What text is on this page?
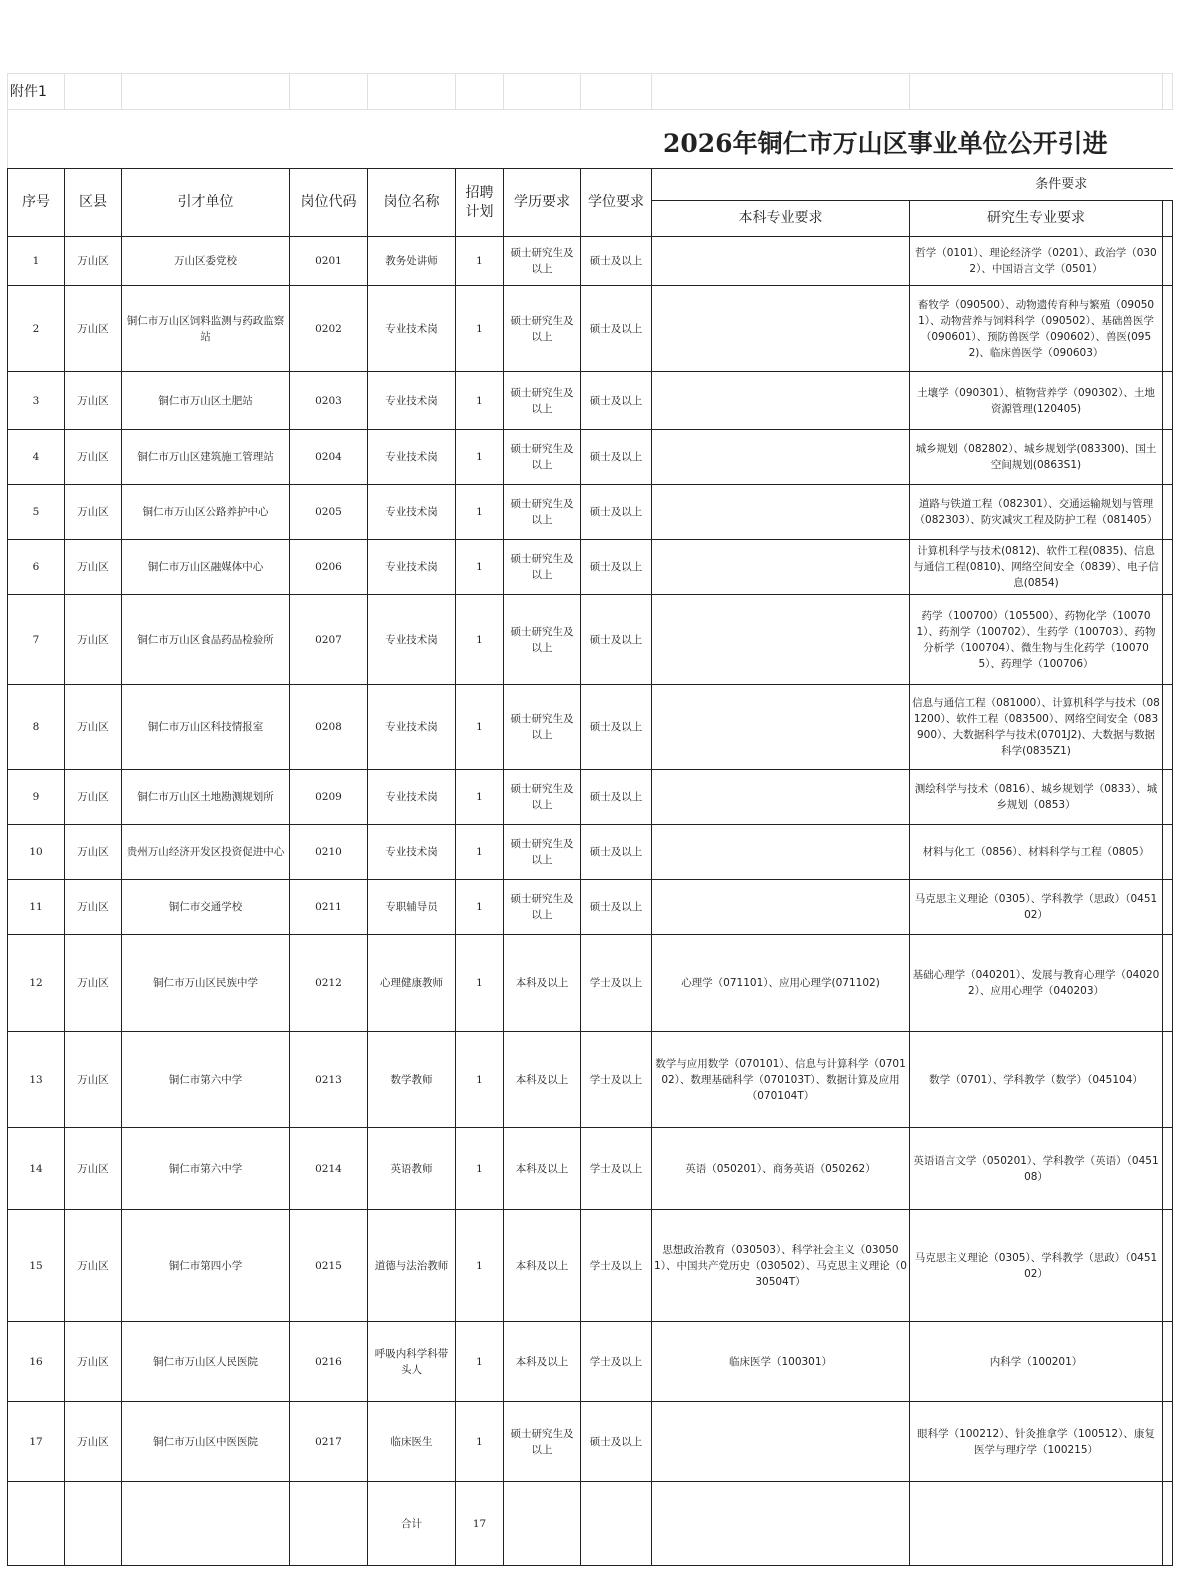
2026年铜仁市万山区事业单位公开引进
附件1										

序号	区县	引才单位	岗位代码	岗位名称	招聘计划	学历要求	学位要求	条件要求		
								本科专业要求	研究生专业要求	
1	万山区	万山区委党校	0201	教务处讲师	1	硕士研究生及以上	硕士及以上		哲学（0101）、理论经济学（0201）、政治学（0302）、中国语言文学（0501）	
2	万山区	铜仁市万山区饲料监测与药政监察站	0202	专业技术岗	1	硕士研究生及以上	硕士及以上		畜牧学（090500）、动物遗传育种与繁殖（090501）、动物营养与饲料科学（090502）、基础兽医学（090601）、预防兽医学（090602）、兽医(0952)、临床兽医学（090603）	
3	万山区	铜仁市万山区土肥站	0203	专业技术岗	1	硕士研究生及以上	硕士及以上		土壤学（090301）、植物营养学（090302）、土地资源管理(120405)	
4	万山区	铜仁市万山区建筑施工管理站	0204	专业技术岗	1	硕士研究生及以上	硕士及以上		城乡规划（082802）、城乡规划学(083300)、国土空间规划(0863S1)	
5	万山区	铜仁市万山区公路养护中心	0205	专业技术岗	1	硕士研究生及以上	硕士及以上		道路与铁道工程（082301）、交通运输规划与管理（082303）、防灾减灾工程及防护工程（081405）	
6	万山区	铜仁市万山区融媒体中心	0206	专业技术岗	1	硕士研究生及以上	硕士及以上		计算机科学与技术(0812)、软件工程(0835)、信息与通信工程(0810)、网络空间安全（0839）、电子信息(0854)	
7	万山区	铜仁市万山区食品药品检验所	0207	专业技术岗	1	硕士研究生及以上	硕士及以上		药学（100700）（105500）、药物化学（100701）、药剂学（100702）、生药学（100703）、药物分析学（100704）、微生物与生化药学（100705）、药理学（100706）	
8	万山区	铜仁市万山区科技情报室	0208	专业技术岗	1	硕士研究生及以上	硕士及以上		信息与通信工程（081000）、计算机科学与技术（081200）、软件工程（083500）、网络空间安全（083900）、大数据科学与技术(0701J2)、大数据与数据科学(0835Z1)	
9	万山区	铜仁市万山区土地勘测规划所	0209	专业技术岗	1	硕士研究生及以上	硕士及以上		测绘科学与技术（0816）、城乡规划学（0833）、城乡规划（0853）	
10	万山区	贵州万山经济开发区投资促进中心	0210	专业技术岗	1	硕士研究生及以上	硕士及以上		材料与化工（0856）、材料科学与工程（0805）	
11	万山区	铜仁市交通学校	0211	专职辅导员	1	硕士研究生及以上	硕士及以上		马克思主义理论（0305）、学科教学（思政）（045102）	
12	万山区	铜仁市万山区民族中学	0212	心理健康教师	1	本科及以上	学士及以上	心理学（071101）、应用心理学(071102)	基础心理学（040201）、发展与教育心理学（040202）、应用心理学（040203）	
13	万山区	铜仁市第六中学	0213	数学教师	1	本科及以上	学士及以上	数学与应用数学（070101）、信息与计算科学（070102）、数理基础科学（070103T）、数据计算及应用（070104T）	数学（0701）、学科教学（数学）（045104）	
14	万山区	铜仁市第六中学	0214	英语教师	1	本科及以上	学士及以上	英语（050201）、商务英语（050262）	英语语言文学（050201）、学科教学（英语）（045108）	
15	万山区	铜仁市第四小学	0215	道德与法治教师	1	本科及以上	学士及以上	思想政治教育（030503）、科学社会主义（030501）、中国共产党历史（030502）、马克思主义理论（030504T）	马克思主义理论（0305）、学科教学（思政）（045102）	
16	万山区	铜仁市万山区人民医院	0216	呼吸内科学科带头人	1	本科及以上	学士及以上	临床医学（100301）	内科学（100201）	
17	万山区	铜仁市万山区中医医院	0217	临床医生	1	硕士研究生及以上	硕士及以上		眼科学（100212）、针灸推拿学（100512）、康复医学与理疗学（100215）	
				合计	17					
